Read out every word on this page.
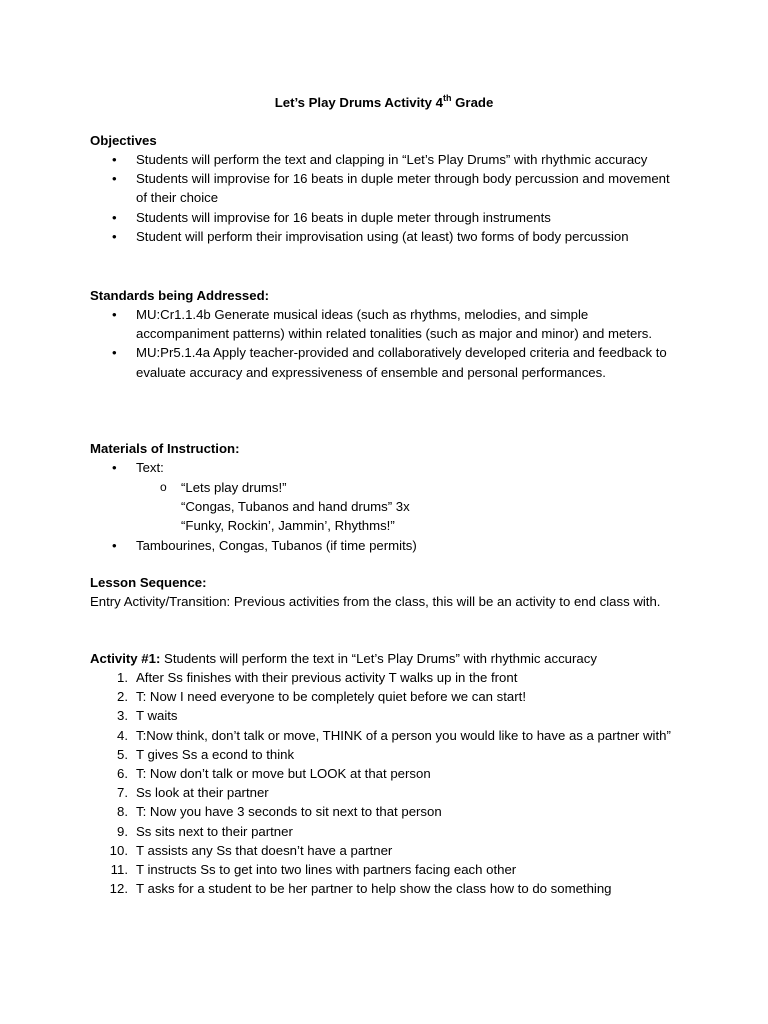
Let’s Play Drums Activity 4th Grade
Objectives
• Students will perform the text and clapping in “Let’s Play Drums” with rhythmic accuracy
• Students will improvise for 16 beats in duple meter through body percussion and movement of their choice
• Students will improvise for 16 beats in duple meter through instruments
• Student will perform their improvisation using (at least) two forms of body percussion
Standards being Addressed:
• MU:Cr1.1.4b Generate musical ideas (such as rhythms, melodies, and simple accompaniment patterns) within related tonalities (such as major and minor) and meters.
• MU:Pr5.1.4a Apply teacher-provided and collaboratively developed criteria and feedback to evaluate accuracy and expressiveness of ensemble and personal performances.
Materials of Instruction:
• Text:
o “Lets play drums!”
“Congas, Tubanos and hand drums” 3x
“Funky, Rockin’, Jammin’, Rhythms!”
• Tambourines, Congas, Tubanos (if time permits)
Lesson Sequence:
Entry Activity/Transition: Previous activities from the class, this will be an activity to end class with.
Activity #1: Students will perform the text in “Let’s Play Drums” with rhythmic accuracy
1. After Ss finishes with their previous activity T walks up in the front
2. T: Now I need everyone to be completely quiet before we can start!
3. T waits
4. T:Now think, don’t talk or move, THINK of a person you would like to have as a partner with”
5. T gives Ss a econd to think
6. T: Now don’t talk or move but LOOK at that person
7. Ss look at their partner
8. T: Now you have 3 seconds to sit next to that person
9. Ss sits next to their partner
10. T assists any Ss that doesn’t have a partner
11. T instructs Ss to get into two lines with partners facing each other
12. T asks for a student to be her partner to help show the class how to do something
